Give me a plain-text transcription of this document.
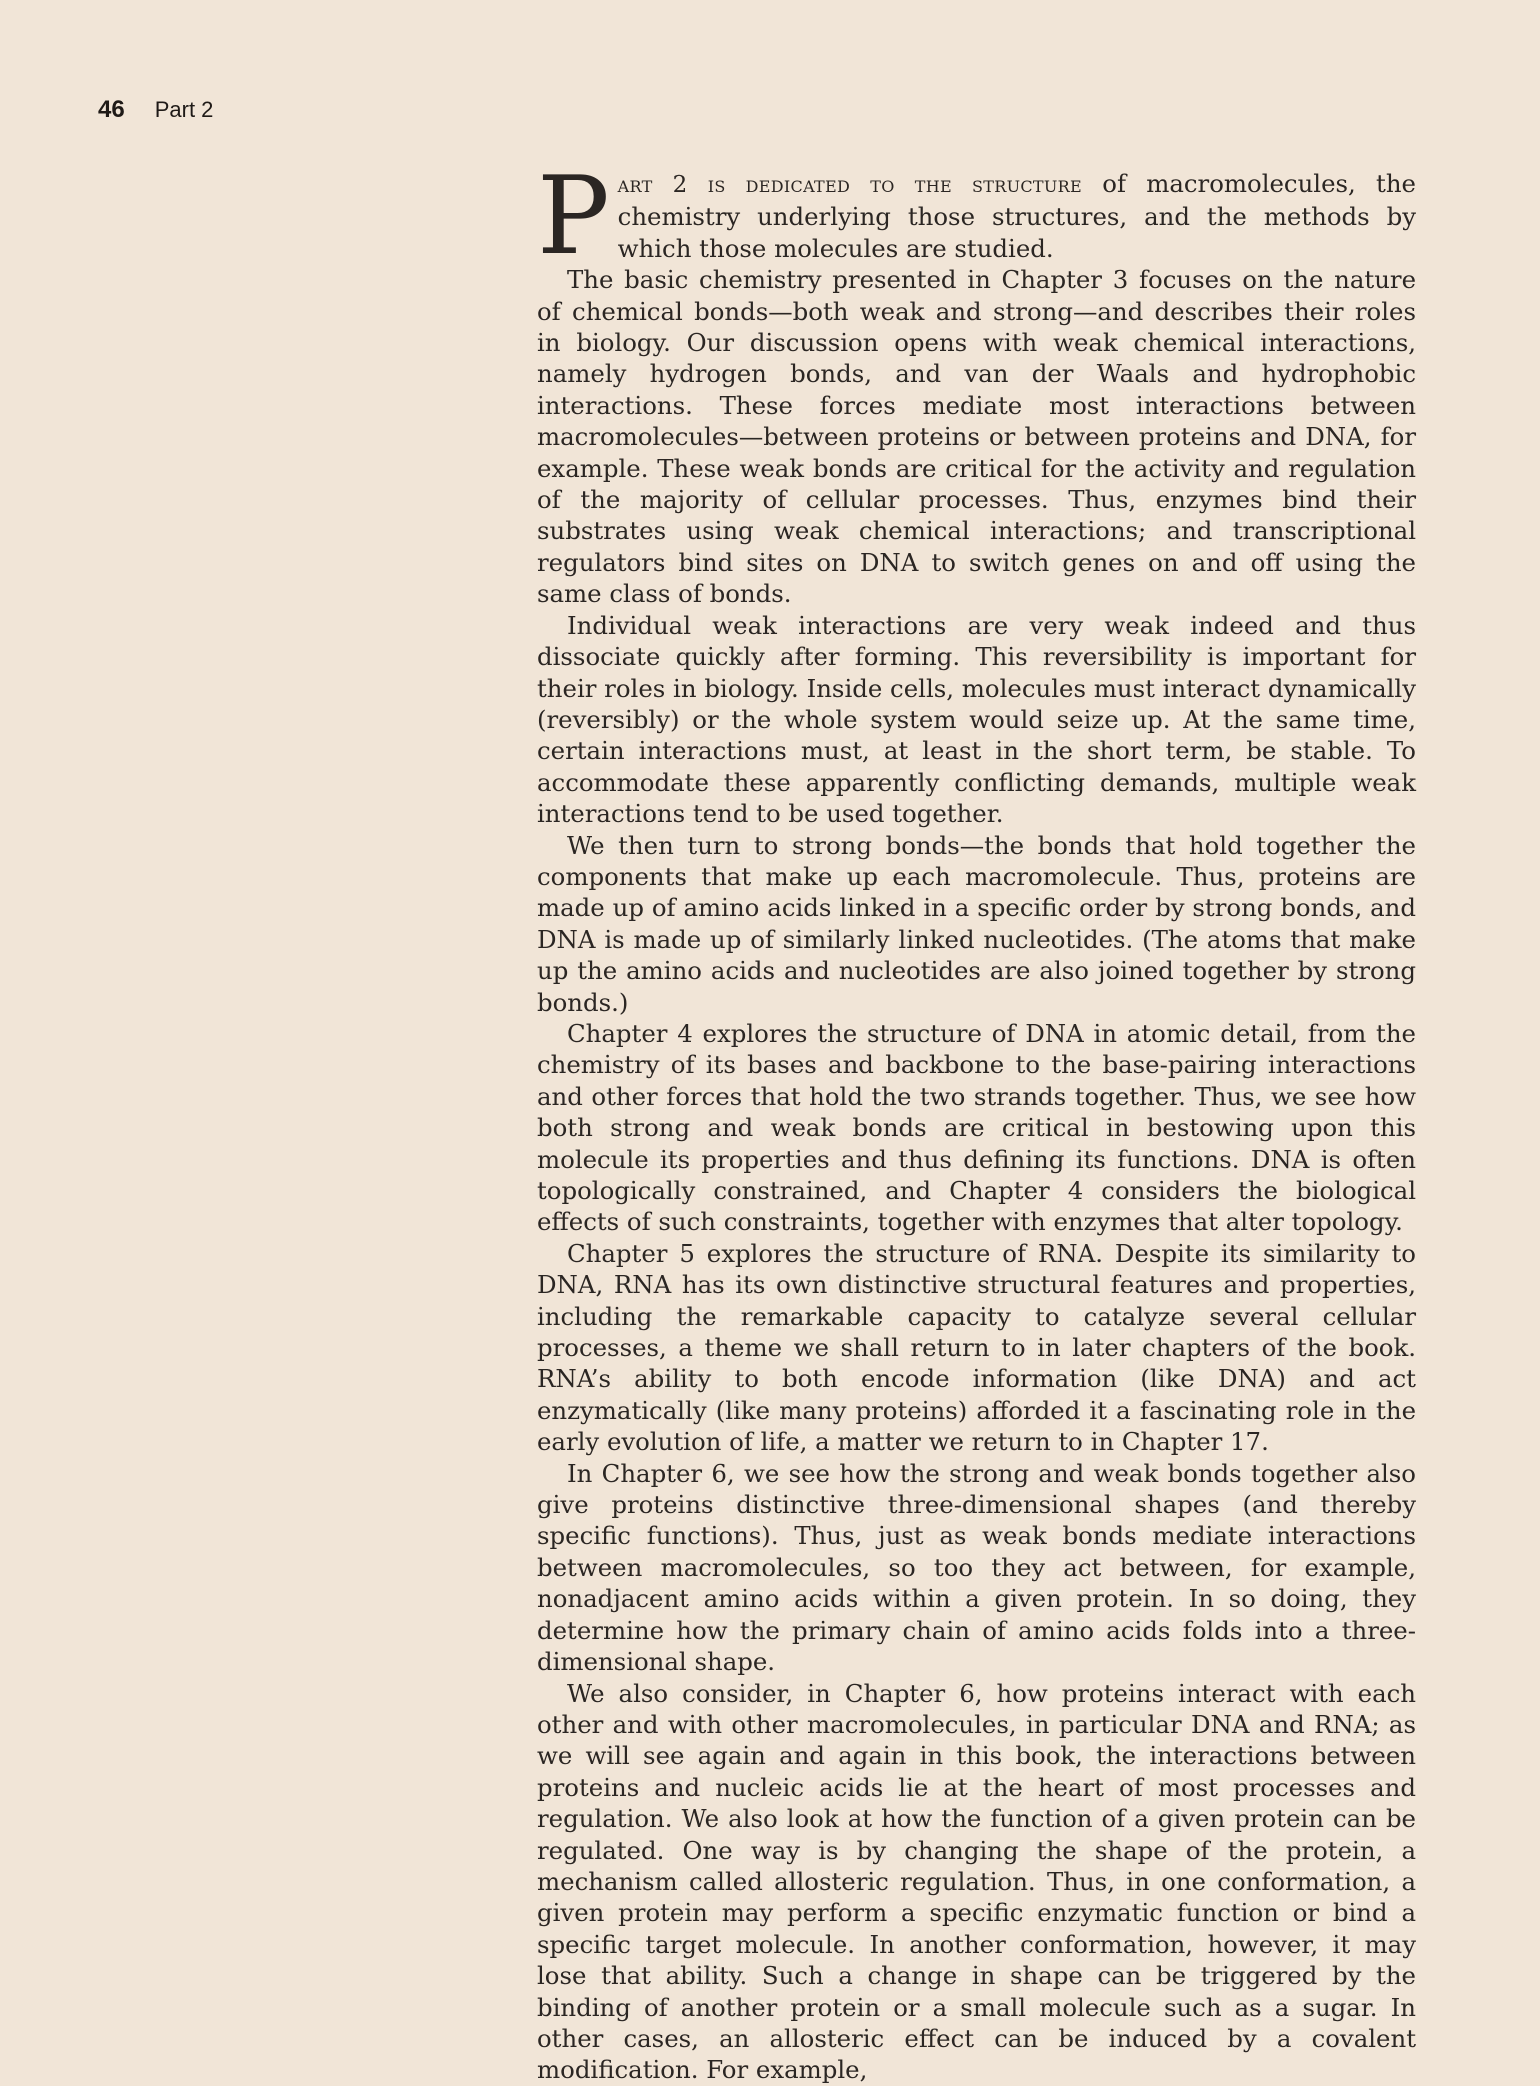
46 Part 2

Part 2 is dedicated to the structure of macromolecules, the chemistry underlying those structures, and the methods by which those molecules are studied.

The basic chemistry presented in Chapter 3 focuses on the nature of chemical bonds—both weak and strong—and describes their roles in biology. Our discussion opens with weak chemical interactions, namely hydrogen bonds, and van der Waals and hydrophobic interactions. These forces mediate most interactions between macromolecules—between proteins or between proteins and DNA, for example. These weak bonds are critical for the activity and regulation of the majority of cellular processes. Thus, enzymes bind their substrates using weak chemical interactions; and transcriptional regulators bind sites on DNA to switch genes on and off using the same class of bonds.

Individual weak interactions are very weak indeed and thus dissociate quickly after forming. This reversibility is important for their roles in biology. Inside cells, molecules must interact dynamically (reversibly) or the whole system would seize up. At the same time, certain interactions must, at least in the short term, be stable. To accommodate these apparently conflicting demands, multiple weak interactions tend to be used together.

We then turn to strong bonds—the bonds that hold together the components that make up each macromolecule. Thus, proteins are made up of amino acids linked in a specific order by strong bonds, and DNA is made up of similarly linked nucleotides. (The atoms that make up the amino acids and nucleotides are also joined together by strong bonds.)

Chapter 4 explores the structure of DNA in atomic detail, from the chemistry of its bases and backbone to the base-pairing interactions and other forces that hold the two strands together. Thus, we see how both strong and weak bonds are critical in bestowing upon this molecule its properties and thus defining its functions. DNA is often topologically constrained, and Chapter 4 considers the biological effects of such constraints, together with enzymes that alter topology.

Chapter 5 explores the structure of RNA. Despite its similarity to DNA, RNA has its own distinctive structural features and properties, including the remarkable capacity to catalyze several cellular processes, a theme we shall return to in later chapters of the book. RNA’s ability to both encode information (like DNA) and act enzymatically (like many proteins) afforded it a fascinating role in the early evolution of life, a matter we return to in Chapter 17.

In Chapter 6, we see how the strong and weak bonds together also give proteins distinctive three-dimensional shapes (and thereby specific functions). Thus, just as weak bonds mediate interactions between macromolecules, so too they act between, for example, nonadjacent amino acids within a given protein. In so doing, they determine how the primary chain of amino acids folds into a three-dimensional shape.

We also consider, in Chapter 6, how proteins interact with each other and with other macromolecules, in particular DNA and RNA; as we will see again and again in this book, the interactions between proteins and nucleic acids lie at the heart of most processes and regulation. We also look at how the function of a given protein can be regulated. One way is by changing the shape of the protein, a mechanism called allosteric regulation. Thus, in one conformation, a given protein may perform a specific enzymatic function or bind a specific target molecule. In another conformation, however, it may lose that ability. Such a change in shape can be triggered by the binding of another protein or a small molecule such as a sugar. In other cases, an allosteric effect can be induced by a covalent modification. For example,
